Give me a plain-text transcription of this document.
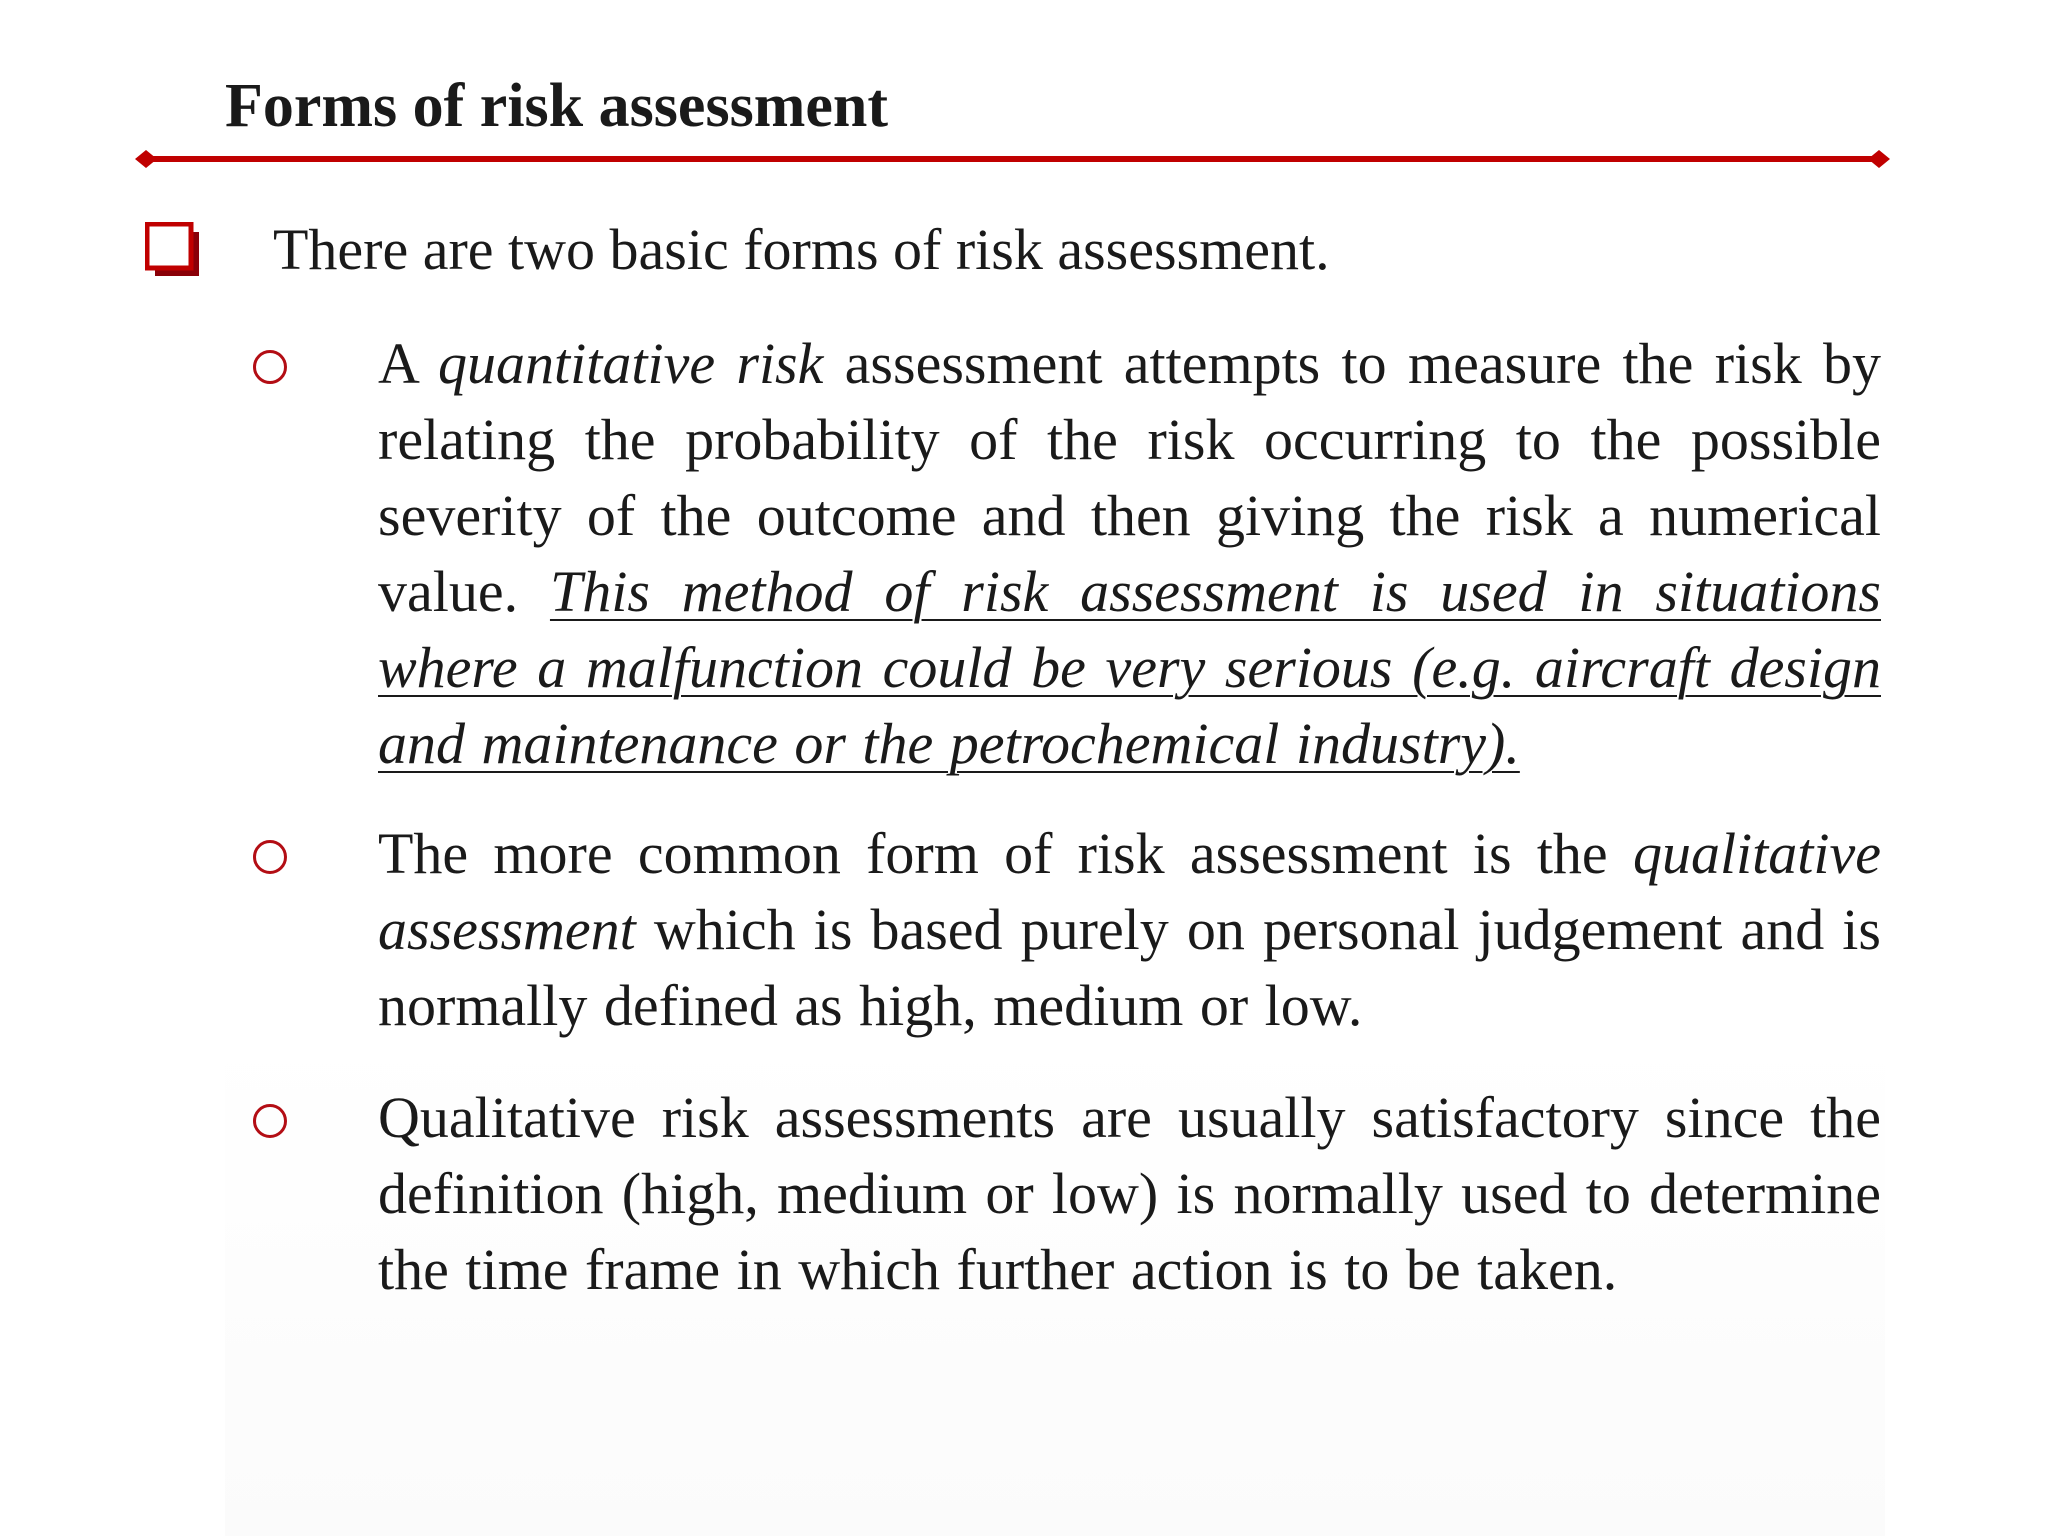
Forms of risk assessment
There are two basic forms of risk assessment.
A quantitative risk assessment attempts to measure the risk by relating the probability of the risk occurring to the possible severity of the outcome and then giving the risk a numerical value. This method of risk assessment is used in situations where a malfunction could be very serious (e.g. aircraft design and maintenance or the petrochemical industry).
The more common form of risk assessment is the qualitative assessment which is based purely on personal judgement and is normally defined as high, medium or low.
Qualitative risk assessments are usually satisfactory since the definition (high, medium or low) is normally used to determine the time frame in which further action is to be taken.
